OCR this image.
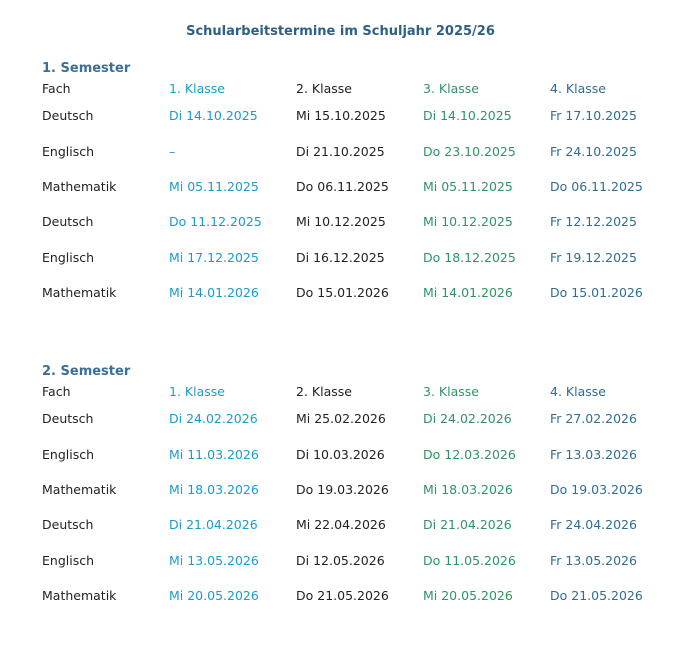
Schularbeitstermine im Schuljahr 2025/26
1. Semester
Fach	1. Klasse	2. Klasse	3. Klasse	4. Klasse
Deutsch	Di 14.10.2025	Mi 15.10.2025	Di 14.10.2025	Fr 17.10.2025
Englisch	–	Di 21.10.2025	Do 23.10.2025	Fr 24.10.2025
Mathematik	Mi 05.11.2025	Do 06.11.2025	Mi 05.11.2025	Do 06.11.2025
Deutsch	Do 11.12.2025	Mi 10.12.2025	Mi 10.12.2025	Fr 12.12.2025
Englisch	Mi 17.12.2025	Di 16.12.2025	Do 18.12.2025	Fr 19.12.2025
Mathematik	Mi 14.01.2026	Do 15.01.2026	Mi 14.01.2026	Do 15.01.2026
2. Semester
Fach	1. Klasse	2. Klasse	3. Klasse	4. Klasse
Deutsch	Di 24.02.2026	Mi 25.02.2026	Di 24.02.2026	Fr 27.02.2026
Englisch	Mi 11.03.2026	Di 10.03.2026	Do 12.03.2026	Fr 13.03.2026
Mathematik	Mi 18.03.2026	Do 19.03.2026	Mi 18.03.2026	Do 19.03.2026
Deutsch	Di 21.04.2026	Mi 22.04.2026	Di 21.04.2026	Fr 24.04.2026
Englisch	Mi 13.05.2026	Di 12.05.2026	Do 11.05.2026	Fr 13.05.2026
Mathematik	Mi 20.05.2026	Do 21.05.2026	Mi 20.05.2026	Do 21.05.2026
